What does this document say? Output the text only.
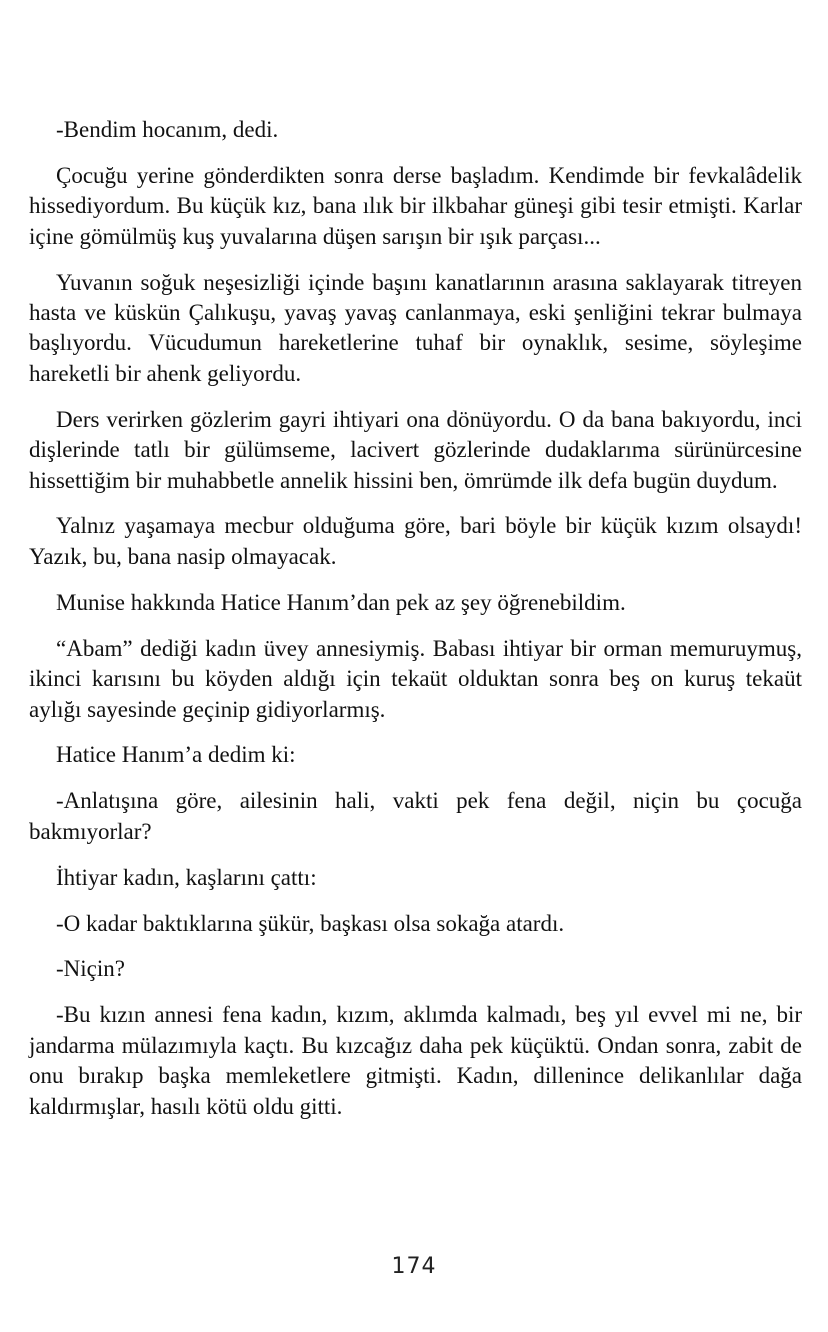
-Bendim hocanım, dedi.

Çocuğu yerine gönderdikten sonra derse başladım. Kendimde bir fevkalâdelik hissediyordum. Bu küçük kız, bana ılık bir ilkbahar güneşi gibi tesir etmişti. Karlar içine gömülmüş kuş yuvalarına düşen sarışın bir ışık parçası...

Yuvanın soğuk neşesizliği içinde başını kanatlarının arasına saklayarak titreyen hasta ve küskün Çalıkuşu, yavaş yavaş canlanmaya, eski şenliğini tekrar bulmaya başlıyordu. Vücudumun hareketlerine tuhaf bir oynaklık, sesime, söyleşime hareketli bir ahenk geliyordu.

Ders verirken gözlerim gayri ihtiyari ona dönüyordu. O da bana bakıyordu, inci dişlerinde tatlı bir gülümseme, lacivert gözlerinde dudaklarıma sürünürcesine hissettiğim bir muhabbetle annelik hissini ben, ömrümde ilk defa bugün duydum.

Yalnız yaşamaya mecbur olduğuma göre, bari böyle bir küçük kızım olsaydı! Yazık, bu, bana nasip olmayacak.

Munise hakkında Hatice Hanım’dan pek az şey öğrenebildim.

“Abam” dediği kadın üvey annesiymiş. Babası ihtiyar bir orman memuruymuş, ikinci karısını bu köyden aldığı için tekaüt olduktan sonra beş on kuruş tekaüt aylığı sayesinde geçinip gidiyorlarmış.

Hatice Hanım’a dedim ki:

-Anlatışına göre, ailesinin hali, vakti pek fena değil, niçin bu çocuğa bakmıyorlar?

İhtiyar kadın, kaşlarını çattı:

-O kadar baktıklarına şükür, başkası olsa sokağa atardı.

-Niçin?

-Bu kızın annesi fena kadın, kızım, aklımda kalmadı, beş yıl evvel mi ne, bir jandarma mülazımıyla kaçtı. Bu kızcağız daha pek küçüktü. Ondan sonra, zabit de onu bırakıp başka memleketlere gitmişti. Kadın, dillenince delikanlılar dağa kaldırmışlar, hasılı kötü oldu gitti.

174
